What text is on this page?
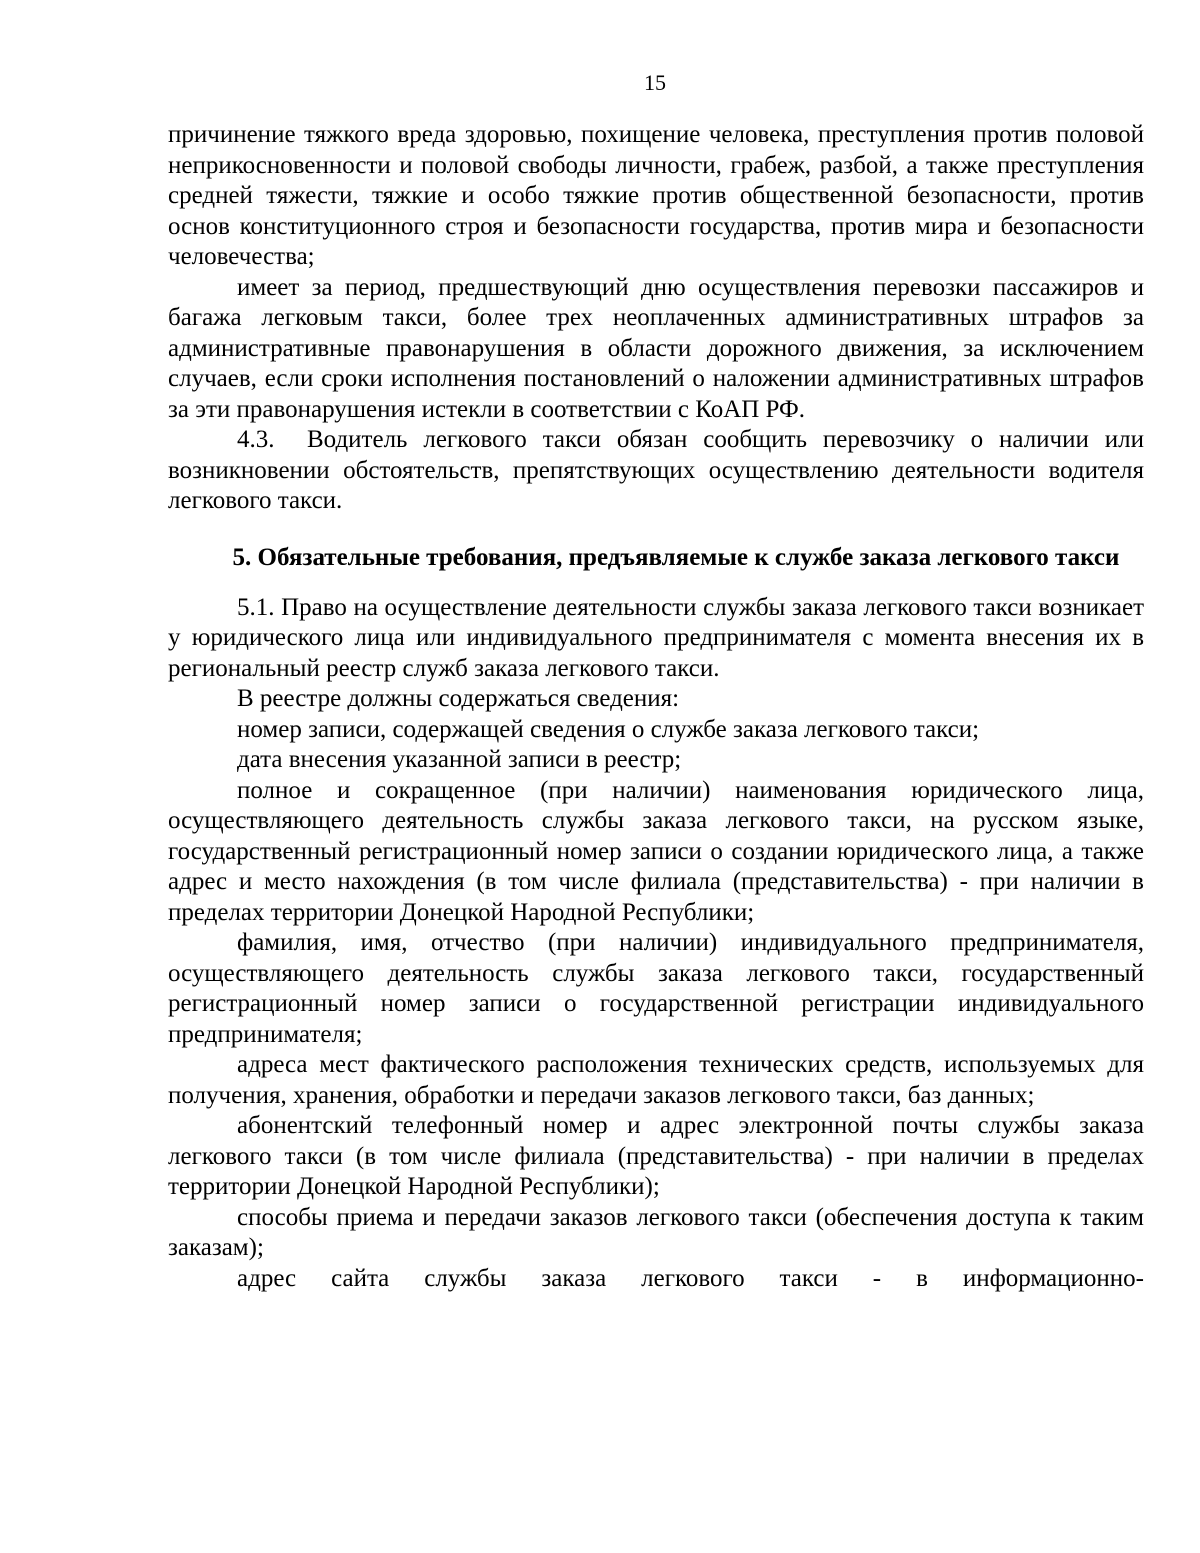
15

причинение тяжкого вреда здоровью, похищение человека, преступления против половой неприкосновенности и половой свободы личности, грабеж, разбой, а также преступления средней тяжести, тяжкие и особо тяжкие против общественной безопасности, против основ конституционного строя и безопасности государства, против мира и безопасности человечества;

имеет за период, предшествующий дню осуществления перевозки пассажиров и багажа легковым такси, более трех неоплаченных административных штрафов за административные правонарушения в области дорожного движения, за исключением случаев, если сроки исполнения постановлений о наложении административных штрафов за эти правонарушения истекли в соответствии с КоАП РФ.

4.3. Водитель легкового такси обязан сообщить перевозчику о наличии или возникновении обстоятельств, препятствующих осуществлению деятельности водителя легкового такси.

5. Обязательные требования, предъявляемые к службе заказа легкового такси

5.1. Право на осуществление деятельности службы заказа легкового такси возникает у юридического лица или индивидуального предпринимателя с момента внесения их в региональный реестр служб заказа легкового такси.

В реестре должны содержаться сведения:

номер записи, содержащей сведения о службе заказа легкового такси;

дата внесения указанной записи в реестр;

полное и сокращенное (при наличии) наименования юридического лица, осуществляющего деятельность службы заказа легкового такси, на русском языке, государственный регистрационный номер записи о создании юридического лица, а также адрес и место нахождения (в том числе филиала (представительства) - при наличии в пределах территории Донецкой Народной Республики;

фамилия, имя, отчество (при наличии) индивидуального предпринимателя, осуществляющего деятельность службы заказа легкового такси, государственный регистрационный номер записи о государственной регистрации индивидуального предпринимателя;

адреса мест фактического расположения технических средств, используемых для получения, хранения, обработки и передачи заказов легкового такси, баз данных;

абонентский телефонный номер и адрес электронной почты службы заказа легкового такси (в том числе филиала (представительства) - при наличии в пределах территории Донецкой Народной Республики);

способы приема и передачи заказов легкового такси (обеспечения доступа к таким заказам);

адрес сайта службы заказа легкового такси - в информационно-
